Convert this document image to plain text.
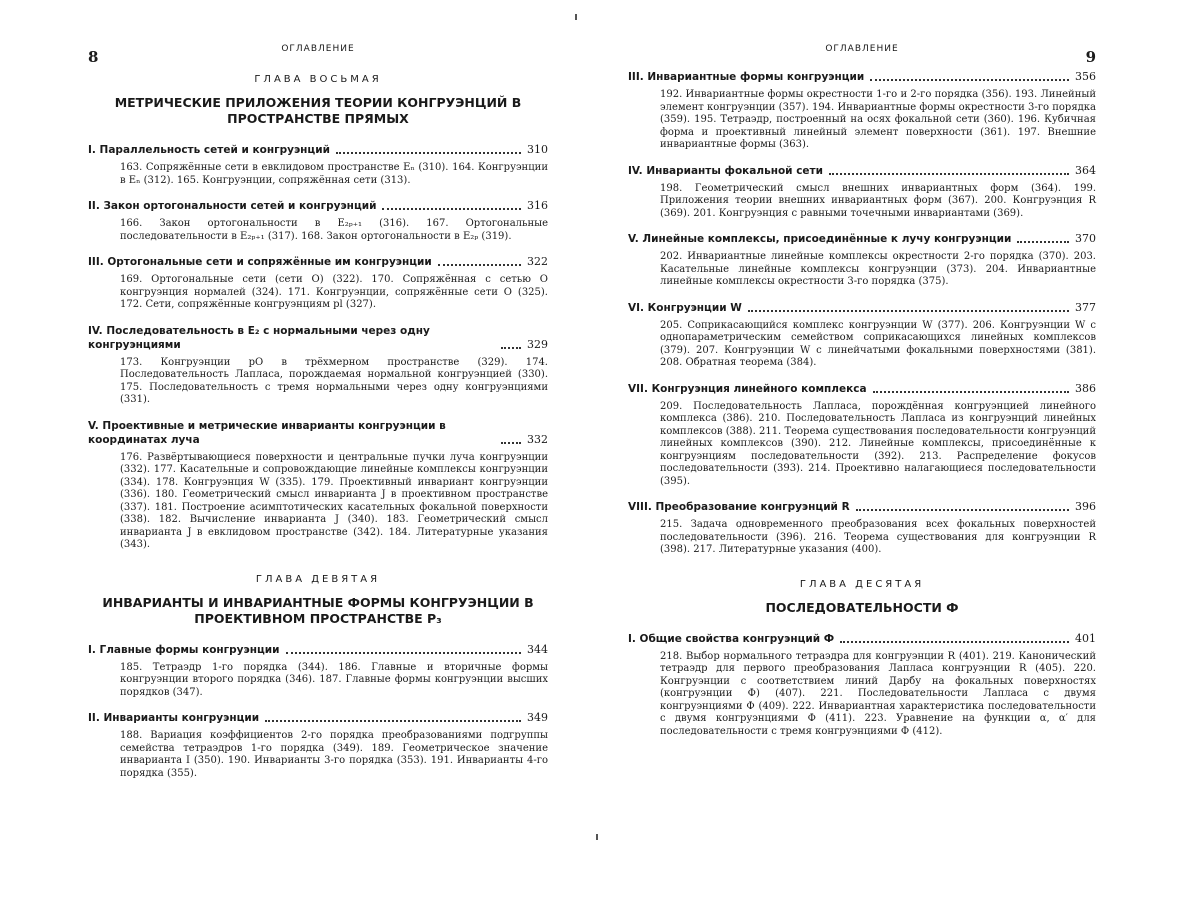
8	ОГЛАВЛЕНИЕ
ГЛАВА ВОСЬМАЯ
МЕТРИЧЕСКИЕ ПРИЛОЖЕНИЯ ТЕОРИИ КОНГРУЭНЦИЙ В ПРОСТРАНСТВЕ ПРЯМЫХ
I. Параллельность сетей и конгруэнций	310
163. Сопряжённые сети в евклидовом пространстве Eₙ (310). 164. Конгруэнции в Eₙ (312). 165. Конгруэнции, сопряжённая сети (313).
II. Закон ортогональности сетей и конгруэнций	316
166. Закон ортогональности в E₂ₚ₊₁ (316). 167. Ортогональные последовательности в E₂ₚ₊₁ (317). 168. Закон ортогональности в E₂ₚ (319).
III. Ортогональные сети и сопряжённые им конгруэнции	322
169. Ортогональные сети (сети O) (322). 170. Сопряжённая с сетью O конгруэнция нормалей (324). 171. Конгруэнции, сопряжённые сети O (325). 172. Сети, сопряжённые конгруэнциям pl (327).
IV. Последовательность в E₂ с нормальными через одну конгруэнциями	329
173. Конгруэнции pO в трёхмерном пространстве (329). 174. Последовательность Лапласа, порождаемая нормальной конгруэнцией (330). 175. Последовательность с тремя нормальными через одну конгруэнциями (331).
V. Проективные и метрические инварианты конгруэнции в координатах луча	332
176. Развёртывающиеся поверхности и центральные пучки луча конгруэнции (332). 177. Касательные и сопровождающие линейные комплексы конгруэнции (334). 178. Конгруэнция W (335). 179. Проективный инвариант конгруэнции (336). 180. Геометрический смысл инварианта J в проективном пространстве (337). 181. Построение асимптотических касательных фокальной поверхности (338). 182. Вычисление инварианта J (340). 183. Геометрический смысл инварианта J в евклидовом пространстве (342). 184. Литературные указания (343).
ГЛАВА ДЕВЯТАЯ
ИНВАРИАНТЫ И ИНВАРИАНТНЫЕ ФОРМЫ КОНГРУЭНЦИИ В ПРОЕКТИВНОМ ПРОСТРАНСТВЕ P₃
I. Главные формы конгруэнции	344
185. Тетраэдр 1-го порядка (344). 186. Главные и вторичные формы конгруэнции второго порядка (346). 187. Главные формы конгруэнции высших порядков (347).
II. Инварианты конгруэнции	349
188. Вариация коэффициентов 2-го порядка преобразованиями подгруппы семейства тетраэдров 1-го порядка (349). 189. Геометрическое значение инварианта I (350). 190. Инварианты 3-го порядка (353). 191. Инварианты 4-го порядка (355).
9
ОГЛАВЛЕНИЕ
III. Инвариантные формы конгруэнции	356
192. Инвариантные формы окрестности 1-го и 2-го порядка (356). 193. Линейный элемент конгруэнции (357). 194. Инвариантные формы окрестности 3-го порядка (359). 195. Тетраэдр, построенный на осях фокальной сети (360). 196. Кубичная форма и проективный линейный элемент поверхности (361). 197. Внешние инвариантные формы (363).
IV. Инварианты фокальной сети	364
198. Геометрический смысл внешних инвариантных форм (364). 199. Приложения теории внешних инвариантных форм (367). 200. Конгруэнция R (369). 201. Конгруэнция с равными точечными инвариантами (369).
V. Линейные комплексы, присоединённые к лучу конгруэнции	370
202. Инвариантные линейные комплексы окрестности 2-го порядка (370). 203. Касательные линейные комплексы конгруэнции (373). 204. Инвариантные линейные комплексы окрестности 3-го порядка (375).
VI. Конгруэнции W	377
205. Соприкасающийся комплекс конгруэнции W (377). 206. Конгруэнции W с однопараметрическим семейством соприкасающихся линейных комплексов (379). 207. Конгруэнции W с линейчатыми фокальными поверхностями (381). 208. Обратная теорема (384).
VII. Конгруэнция линейного комплекса	386
209. Последовательность Лапласа, порождённая конгруэнцией линейного комплекса (386). 210. Последовательность Лапласа из конгруэнций линейных комплексов (388). 211. Теорема существования последовательности конгруэнций линейных комплексов (390). 212. Линейные комплексы, присоединённые к конгруэнциям последовательности (392). 213. Распределение фокусов последовательности (393). 214. Проективно налагающиеся последовательности (395).
VIII. Преобразование конгруэнций R	396
215. Задача одновременного преобразования всех фокальных поверхностей последовательности (396). 216. Теорема существования для конгруэнции R (398). 217. Литературные указания (400).
ГЛАВА ДЕСЯТАЯ
ПОСЛЕДОВАТЕЛЬНОСТИ Ф
I. Общие свойства конгруэнций Ф	401
218. Выбор нормального тетраэдра для конгруэнции R (401). 219. Канонический тетраэдр для первого преобразования Лапласа конгруэнции R (405). 220. Конгруэнции с соответствием линий Дарбу на фокальных поверхностях (конгруэнции Ф) (407). 221. Последовательности Лапласа с двумя конгруэнциями Ф (409). 222. Инвариантная характеристика последовательности с двумя конгруэнциями Ф (411). 223. Уравнение на функции α, α′ для последовательности с тремя конгруэнциями Ф (412).
